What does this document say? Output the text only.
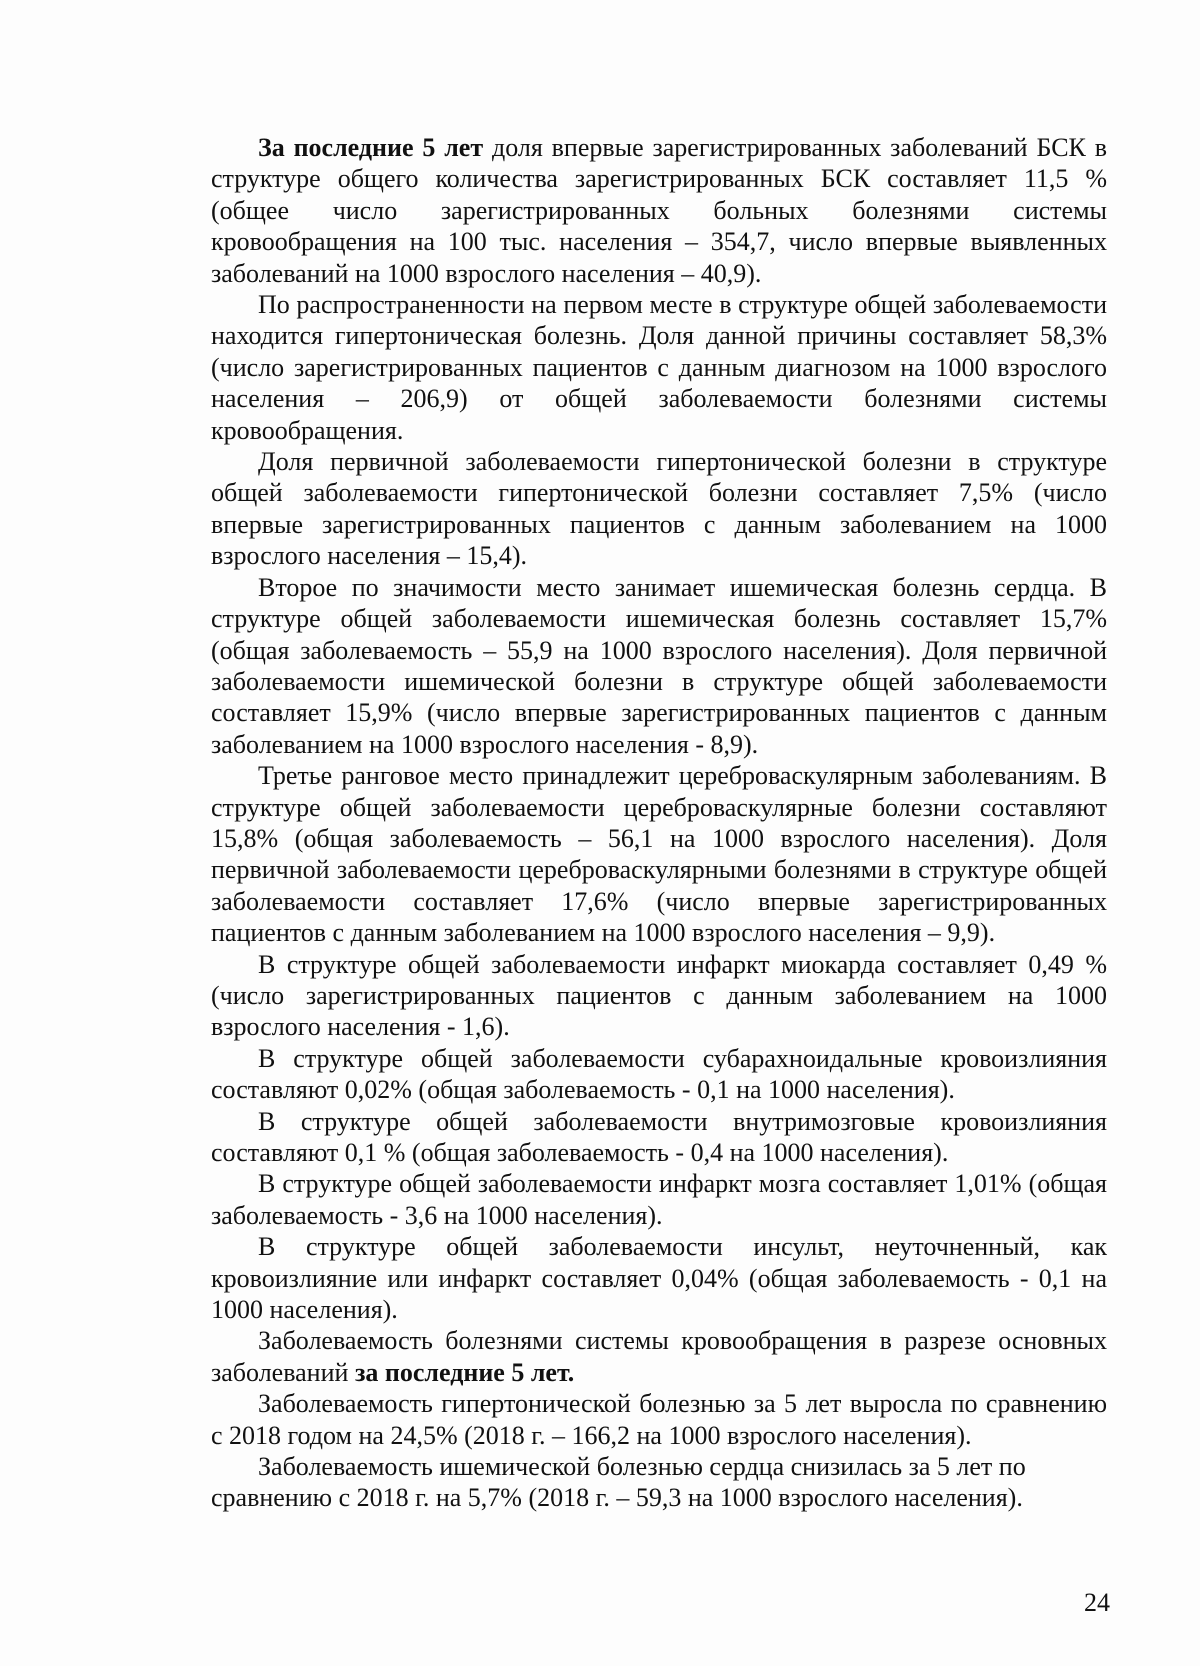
За последние 5 лет доля впервые зарегистрированных заболеваний БСК в структуре общего количества зарегистрированных БСК составляет 11,5 % (общее число зарегистрированных больных болезнями системы кровообращения на 100 тыс. населения – 354,7, число впервые выявленных заболеваний на 1000 взрослого населения – 40,9).

По распространенности на первом месте в структуре общей заболеваемости находится гипертоническая болезнь. Доля данной причины составляет 58,3% (число зарегистрированных пациентов с данным диагнозом на 1000 взрослого населения – 206,9) от общей заболеваемости болезнями системы кровообращения.

Доля первичной заболеваемости гипертонической болезни в структуре общей заболеваемости гипертонической болезни составляет 7,5% (число впервые зарегистрированных пациентов с данным заболеванием на 1000 взрослого населения – 15,4).

Второе по значимости место занимает ишемическая болезнь сердца. В структуре общей заболеваемости ишемическая болезнь составляет 15,7% (общая заболеваемость – 55,9 на 1000 взрослого населения). Доля первичной заболеваемости ишемической болезни в структуре общей заболеваемости составляет 15,9% (число впервые зарегистрированных пациентов с данным заболеванием на 1000 взрослого населения - 8,9).

Третье ранговое место принадлежит цереброваскулярным заболеваниям. В структуре общей заболеваемости цереброваскулярные болезни составляют 15,8% (общая заболеваемость – 56,1 на 1000 взрослого населения). Доля первичной заболеваемости цереброваскулярными болезнями в структуре общей заболеваемости составляет 17,6% (число впервые зарегистрированных пациентов с данным заболеванием на 1000 взрослого населения – 9,9).

В структуре общей заболеваемости инфаркт миокарда составляет 0,49 % (число зарегистрированных пациентов с данным заболеванием на 1000 взрослого населения - 1,6).

В структуре общей заболеваемости субарахноидальные кровоизлияния составляют 0,02% (общая заболеваемость - 0,1 на 1000 населения).

В структуре общей заболеваемости внутримозговые кровоизлияния составляют 0,1 % (общая заболеваемость - 0,4 на 1000 населения).

В структуре общей заболеваемости инфаркт мозга составляет 1,01% (общая заболеваемость - 3,6 на 1000 населения).

В структуре общей заболеваемости инсульт, неуточненный, как кровоизлияние или инфаркт составляет 0,04% (общая заболеваемость - 0,1 на 1000 населения).

Заболеваемость болезнями системы кровообращения в разрезе основных заболеваний за последние 5 лет.

Заболеваемость гипертонической болезнью за 5 лет выросла по сравнению с 2018 годом на 24,5% (2018 г. – 166,2 на 1000 взрослого населения).

Заболеваемость ишемической болезнью сердца снизилась за 5 лет по сравнению с 2018 г. на 5,7% (2018 г. – 59,3 на 1000 взрослого населения).

24
